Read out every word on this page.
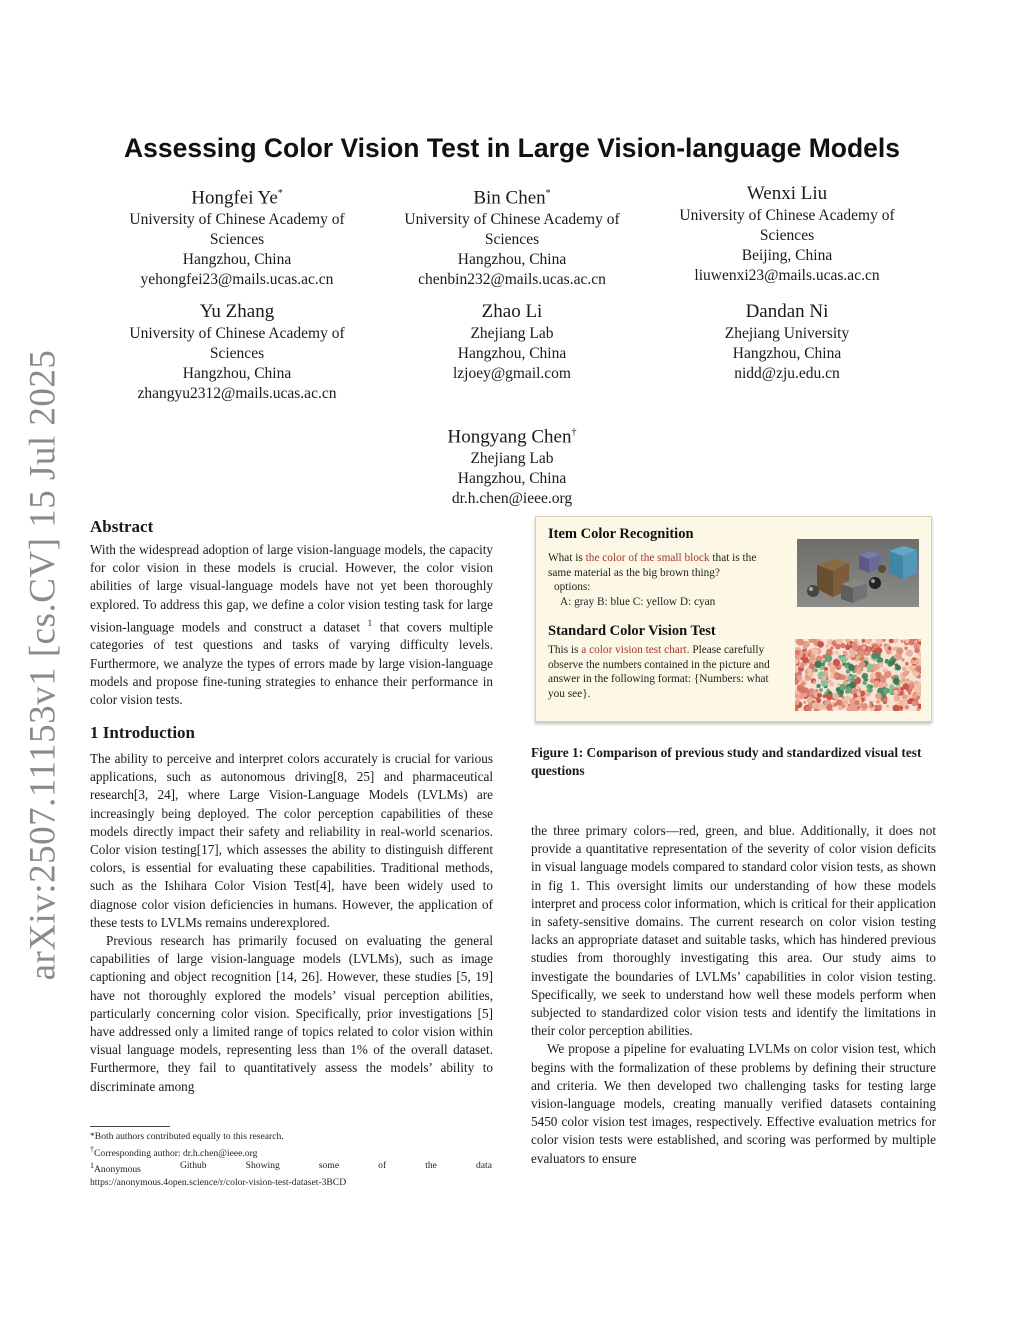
arXiv:2507.11153v1 [cs.CV] 15 Jul 2025
Assessing Color Vision Test in Large Vision-language Models
Hongfei Ye*
University of Chinese Academy of
Sciences
Hangzhou, China
yehongfei23@mails.ucas.ac.cn
Bin Chen*
University of Chinese Academy of
Sciences
Hangzhou, China
chenbin232@mails.ucas.ac.cn
Wenxi Liu
University of Chinese Academy of
Sciences
Beijing, China
liuwenxi23@mails.ucas.ac.cn
Yu Zhang
University of Chinese Academy of
Sciences
Hangzhou, China
zhangyu2312@mails.ucas.ac.cn
Zhao Li
Zhejiang Lab
Hangzhou, China
lzjoey@gmail.com
Dandan Ni
Zhejiang University
Hangzhou, China
nidd@zju.edu.cn
Hongyang Chen†
Zhejiang Lab
Hangzhou, China
dr.h.chen@ieee.org
Abstract

With the widespread adoption of large vision-language models, the capacity for color vision in these models is crucial. However, the color vision abilities of large visual-language models have not yet been thoroughly explored. To address this gap, we define a color vision testing task for large vision-language models and construct a dataset $^1$ that covers multiple categories of test questions and tasks of varying difficulty levels. Furthermore, we analyze the types of errors made by large vision-language models and propose fine-tuning strategies to enhance their performance in color vision tests.

1 Introduction

The ability to perceive and interpret colors accurately is crucial for various applications, such as autonomous driving[8, 25] and pharmaceutical research[3, 24], where Large Vision-Language Models (LVLMs) are increasingly being deployed. The color perception capabilities of these models directly impact their safety and reliability in real-world scenarios. Color vision testing[17], which assesses the ability to distinguish different colors, is essential for evaluating these capabilities. Traditional methods, such as the Ishihara Color Vision Test[4], have been widely used to diagnose color vision deficiencies in humans. However, the application of these tests to LVLMs remains underexplored.

Previous research has primarily focused on evaluating the general capabilities of large vision-language models (LVLMs), such as image captioning and object recognition [14, 26]. However, these studies [5, 19] have not thoroughly explored the models’ visual perception abilities, particularly concerning color vision. Specifically, prior investigations [5] have addressed only a limited range of topics related to color vision within visual language models, representing less than 1% of the overall dataset. Furthermore, they fail to quantitatively assess the models’ ability to discriminate among

Item Color Recognition
What is the color of the small block that is the same material as the big brown thing?
options:
A: gray B: blue C: yellow D: cyan
Standard Color Vision Test
This is a color vision test chart. Please carefully observe the numbers contained in the picture and answer in the following format: {Numbers: what you see}.
Figure 1: Comparison of previous study and standardized visual test questions

the three primary colors—red, green, and blue. Additionally, it does not provide a quantitative representation of the severity of color vision deficits in visual language models compared to standard color vision tests, as shown in fig 1. This oversight limits our understanding of how these models interpret and process color information, which is critical for their application in safety-sensitive domains. The current research on color vision testing lacks an appropriate dataset and suitable tasks, which has hindered previous studies from thoroughly investigating this area. Our study aims to investigate the boundaries of LVLMs’ capabilities in color vision testing. Specifically, we seek to understand how well these models perform when subjected to standardized color vision tests and identify the limitations in their color perception abilities.

We propose a pipeline for evaluating LVLMs on color vision test, which begins with the formalization of these problems by defining their structure and criteria. We then developed two challenging tasks for testing large vision-language models, creating manually verified datasets containing 5450 color vision test images, respectively. Effective evaluation metrics for color vision tests were established, and scoring was performed by multiple evaluators to ensure

*Both authors contributed equally to this research.
†Corresponding author: dr.h.chen@ieee.org
$^1$Anonymous	Github	Showing	some	of	the	data
https://anonymous.4open.science/r/color-vision-test-dataset-3BCD
